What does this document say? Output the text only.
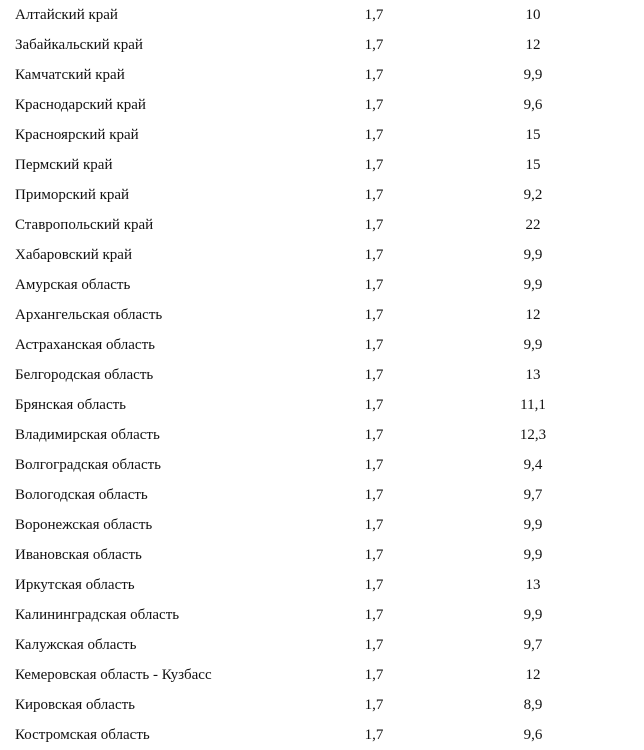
Алтайский край	1,7	10
Забайкальский край	1,7	12
Камчатский край	1,7	9,9
Краснодарский край	1,7	9,6
Красноярский край	1,7	15
Пермский край	1,7	15
Приморский край	1,7	9,2
Ставропольский край	1,7	22
Хабаровский край	1,7	9,9
Амурская область	1,7	9,9
Архангельская область	1,7	12
Астраханская область	1,7	9,9
Белгородская область	1,7	13
Брянская область	1,7	11,1
Владимирская область	1,7	12,3
Волгоградская область	1,7	9,4
Вологодская область	1,7	9,7
Воронежская область	1,7	9,9
Ивановская область	1,7	9,9
Иркутская область	1,7	13
Калининградская область	1,7	9,9
Калужская область	1,7	9,7
Кемеровская область - Кузбасс	1,7	12
Кировская область	1,7	8,9
Костромская область	1,7	9,6
